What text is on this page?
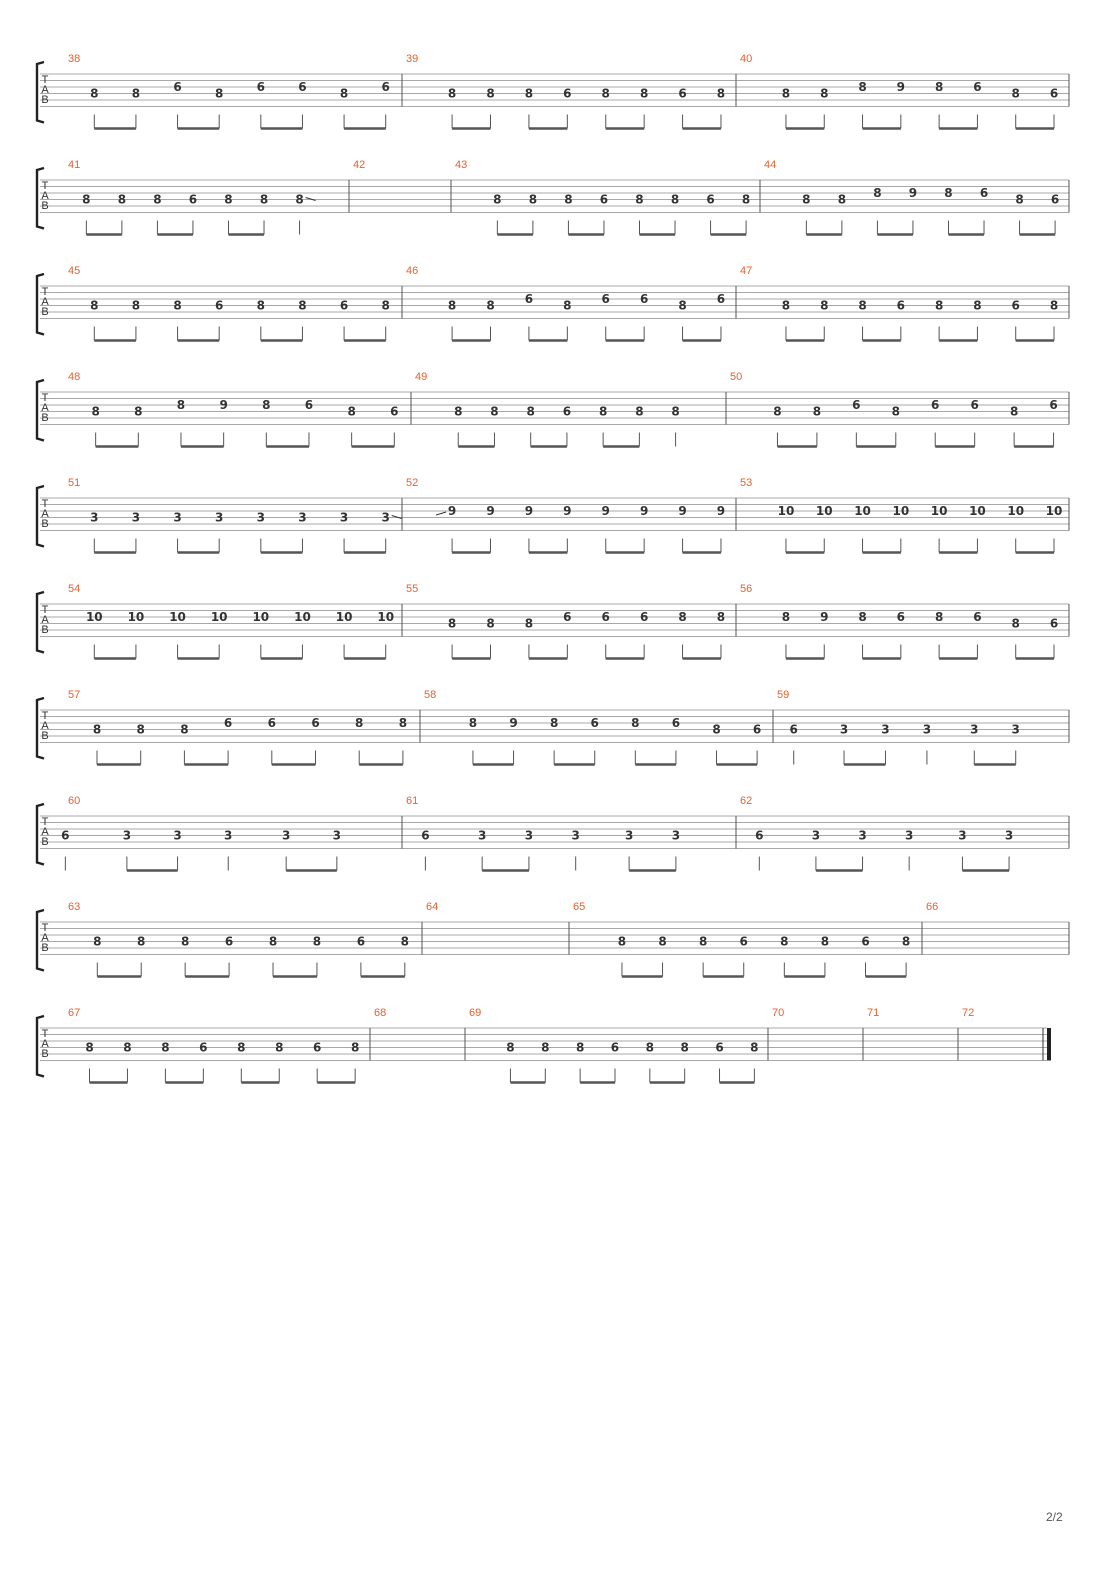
T
A
B
38
8	8	6	8	6	6	8	6
39
8	8	8	6	8	8	6	8
40
8 8 8 9 8 6 8 6
T
A
B
41
8 8 8 6 8 8 8
42	43
8 8 8 6 8 8 6 8
44
8 8 8 9 8 6 8 6
T
A
B
45
8	8	8	6	8	8	6	8
46
8	8	6	8	6	6	8	6
47
8 8 8 6 8 8 6 8
T
A
B
48
8	8	8	9	8	6	8	6
49
8 8 8 6 8 8 8
50
8	8	6	8	6	6	8	6
T
A
B
51
3	3	3	3	3	3	3	3
52
9	9	9	9	9	9	9	9
53
10 10 10 10 10 10 10 10
T
A
B
54
10 10 10 10 10 10 10 10
55
8	8	8	6	6	6	8	8
56
8 9 8 6 8 6 8 6
T
A
B
57
8	8	8	6	6	6	8	8
58
8	9	8	6	8	6	8	6
59
6	3	3	3	3	3
T
A
B
60
6	3	3	3	3	3
61
6	3	3	3	3	3
62
6	3	3	3	3	3
T
A
B
63
8	8	8	6	8	8	6	8
64	65
8	8	8	6	8	8	6	8
66
T
A
B
67
8 8 8 6 8 8 6 8
68	69
8 8 8 6 8 8 6 8
70	71	72
2/2
